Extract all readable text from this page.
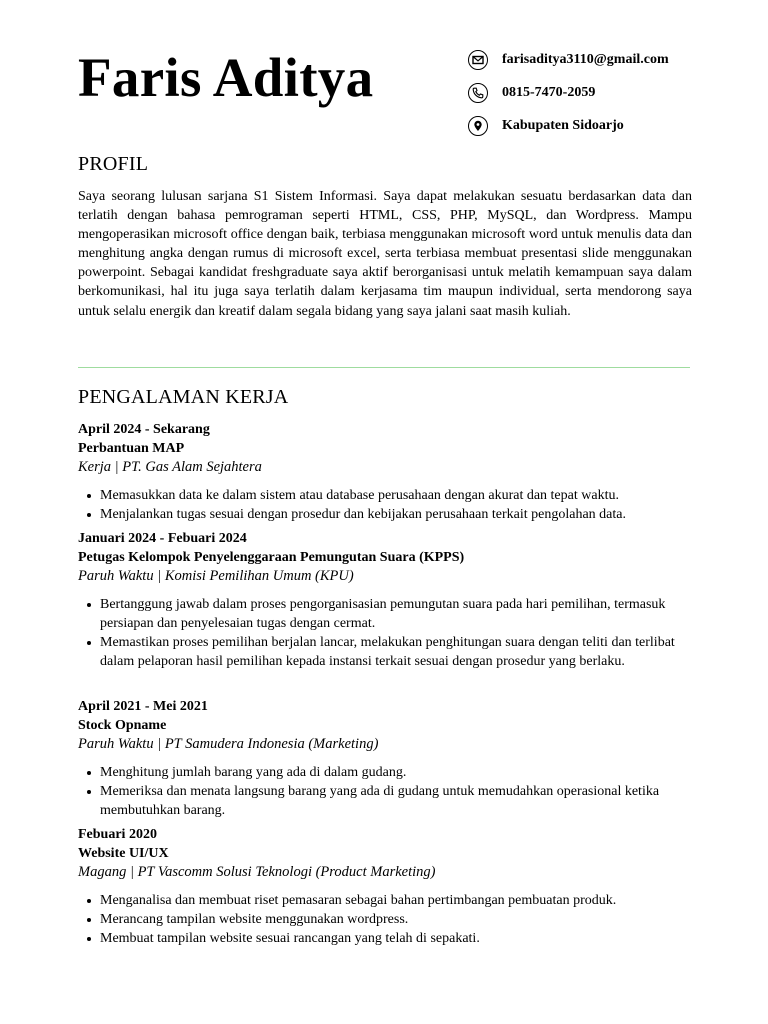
Faris Aditya	farisaditya3110@gmail.com
0815-7470-2059
Kabupaten Sidoarjo
PROFIL

Saya seorang lulusan sarjana S1 Sistem Informasi. Saya dapat melakukan sesuatu berdasarkan data dan terlatih dengan bahasa pemrograman seperti HTML, CSS, PHP, MySQL, dan Wordpress. Mampu mengoperasikan microsoft office dengan baik, terbiasa menggunakan microsoft word untuk menulis data dan menghitung angka dengan rumus di microsoft excel, serta terbiasa membuat presentasi slide menggunakan powerpoint. Sebagai kandidat freshgraduate saya aktif berorganisasi untuk melatih kemampuan saya dalam berkomunikasi, hal itu juga saya terlatih dalam kerjasama tim maupun individual, serta mendorong saya untuk selalu energik dan kreatif dalam segala bidang yang saya jalani saat masih kuliah.

PENGALAMAN KERJA
April 2024 - Sekarang
Perbantuan MAP
Kerja | PT. Gas Alam Sejahtera
Memasukkan data ke dalam sistem atau database perusahaan dengan akurat dan tepat waktu.
Menjalankan tugas sesuai dengan prosedur dan kebijakan perusahaan terkait pengolahan data.
Januari 2024 - Febuari 2024
Petugas Kelompok Penyelenggaraan Pemungutan Suara (KPPS)
Paruh Waktu | Komisi Pemilihan Umum (KPU)
Bertanggung jawab dalam proses pengorganisasian pemungutan suara pada hari pemilihan, termasuk persiapan dan penyelesaian tugas dengan cermat.
Memastikan proses pemilihan berjalan lancar, melakukan penghitungan suara dengan teliti dan terlibat dalam pelaporan hasil pemilihan kepada instansi terkait sesuai dengan prosedur yang berlaku.
April 2021 - Mei 2021
Stock Opname
Paruh Waktu | PT Samudera Indonesia (Marketing)
Menghitung jumlah barang yang ada di dalam gudang.
Memeriksa dan menata langsung barang yang ada di gudang untuk memudahkan operasional ketika membutuhkan barang.
Febuari 2020
Website UI/UX
Magang | PT Vascomm Solusi Teknologi (Product Marketing)
Menganalisa dan membuat riset pemasaran sebagai bahan pertimbangan pembuatan produk.
Merancang tampilan website menggunakan wordpress.
Membuat tampilan website sesuai rancangan yang telah di sepakati.
